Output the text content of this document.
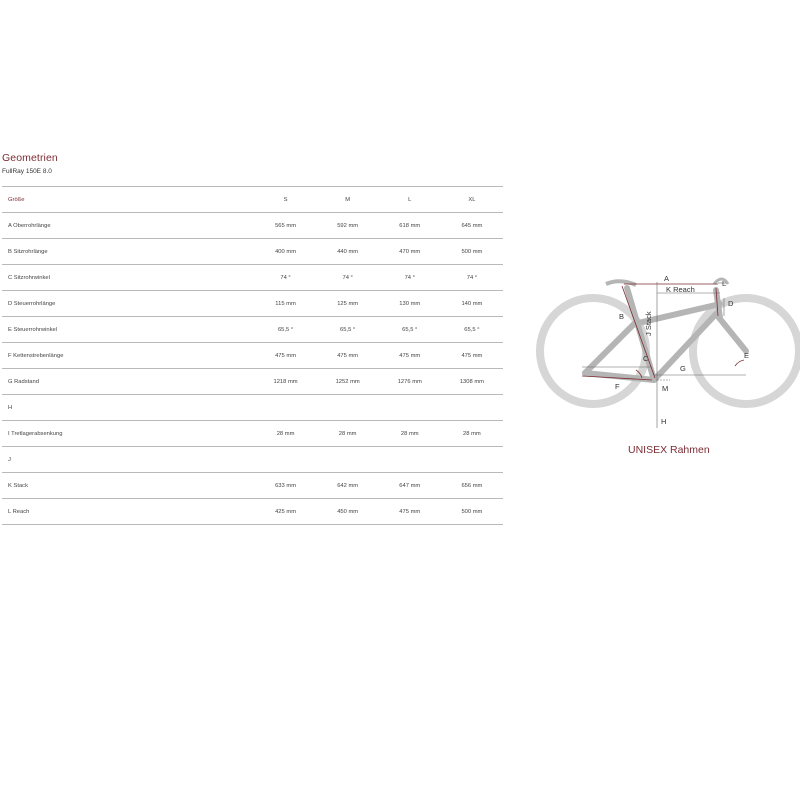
Geometrien
FullRay 150E 8.0
Größe	S	M	L	XL
A Oberrohrlänge	565 mm	592 mm	618 mm	645 mm
B Sitzrohrlänge	400 mm	440 mm	470 mm	500 mm
C Sitzrohrwinkel	74 °	74 °	74 °	74 °
D Steuerrohrlänge	115 mm	125 mm	130 mm	140 mm
E Steuerrohrwinkel	65,5 °	65,5 °	65,5 °	65,5 °
F Kettenstrebenlänge	475 mm	475 mm	475 mm	475 mm
G Radstand	1218 mm	1252 mm	1276 mm	1308 mm
H				
I Tretlagerabsenkung	28 mm	28 mm	28 mm	28 mm
J				
K Stack	633 mm	642 mm	647 mm	656 mm
L Reach	425 mm	450 mm	475 mm	500 mm
A
K Reach
L
D
B
C	E
F
G
M
H
J Stack
UNISEX Rahmen
